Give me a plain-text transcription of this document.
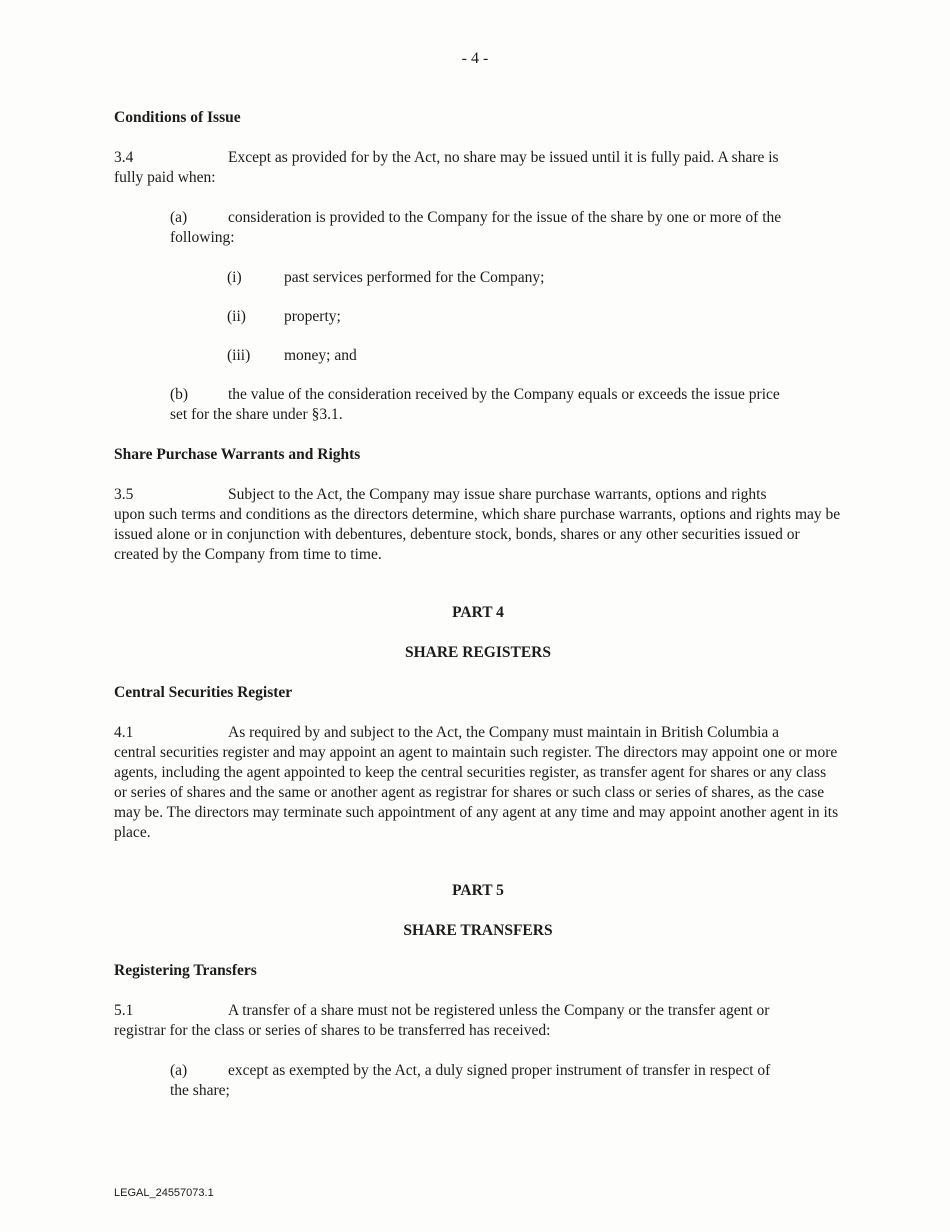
- 4 -
Conditions of Issue
3.4	Except as provided for by the Act, no share may be issued until it is fully paid. A share is
fully paid when:
(a)	consideration is provided to the Company for the issue of the share by one or more of the
following:
(i)	past services performed for the Company;
(ii) property;
(iii) money; and
(b)	the value of the consideration received by the Company equals or exceeds the issue price
set for the share under §3.1.
Share Purchase Warrants and Rights
3.5	Subject to the Act, the Company may issue share purchase warrants, options and rights
upon such terms and conditions as the directors determine, which share purchase warrants, options and rights may be issued alone or in conjunction with debentures, debenture stock, bonds, shares or any other securities issued or created by the Company from time to time.
PART 4
SHARE REGISTERS
Central Securities Register
4.1	As required by and subject to the Act, the Company must maintain in British Columbia a
central securities register and may appoint an agent to maintain such register. The directors may appoint one or more agents, including the agent appointed to keep the central securities register, as transfer agent for shares or any class or series of shares and the same or another agent as registrar for shares or such class or series of shares, as the case may be. The directors may terminate such appointment of any agent at any time and may appoint another agent in its place.
PART 5
SHARE TRANSFERS
Registering Transfers
5.1	A transfer of a share must not be registered unless the Company or the transfer agent or
registrar for the class or series of shares to be transferred has received:
(a)	except as exempted by the Act, a duly signed proper instrument of transfer in respect of
the share;
LEGAL_24557073.1
